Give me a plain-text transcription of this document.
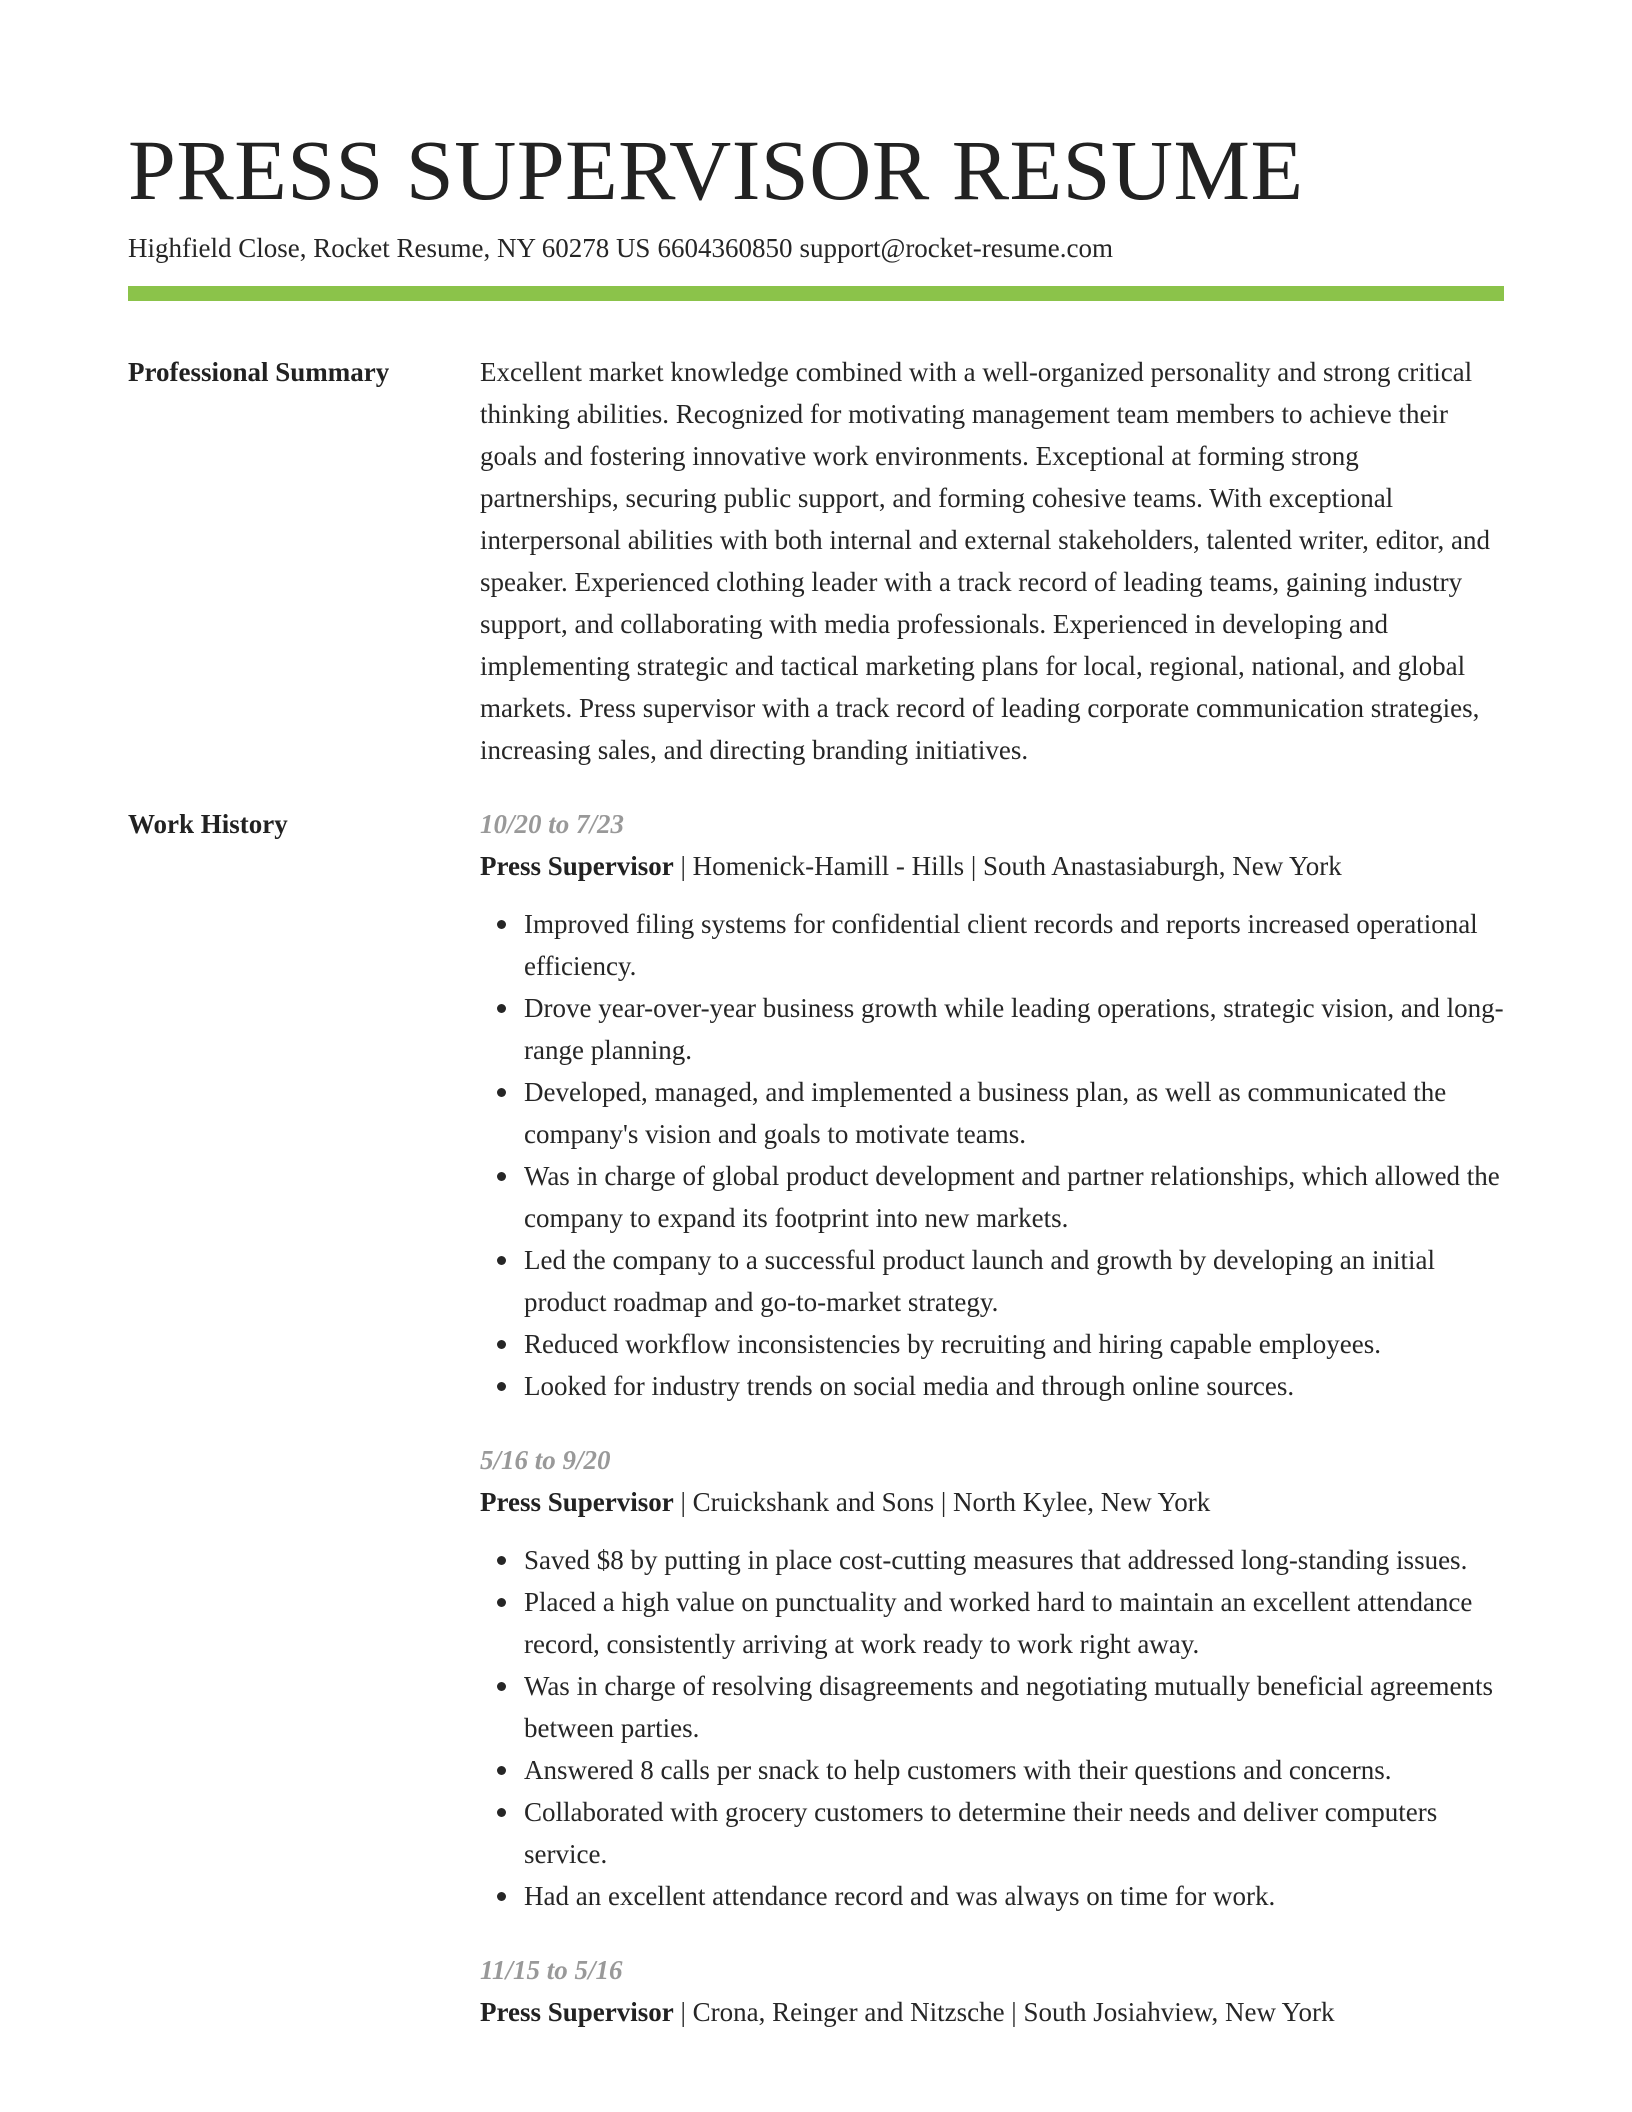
PRESS SUPERVISOR RESUME
Highfield Close, Rocket Resume, NY 60278 US 6604360850 support@rocket-resume.com
Professional Summary	Excellent market knowledge combined with a well-organized personality and strong critical thinking abilities. Recognized for motivating management team members to achieve their goals and fostering innovative work environments. Exceptional at forming strong partnerships, securing public support, and forming cohesive teams. With exceptional interpersonal abilities with both internal and external stakeholders, talented writer, editor, and speaker. Experienced clothing leader with a track record of leading teams, gaining industry support, and collaborating with media professionals. Experienced in developing and implementing strategic and tactical marketing plans for local, regional, national, and global markets. Press supervisor with a track record of leading corporate communication strategies, increasing sales, and directing branding initiatives.

Work History	10/20 to 7/23
Press Supervisor | Homenick-Hamill - Hills | South Anastasiaburgh, New York
Improved filing systems for confidential client records and reports increased operational efficiency.
Drove year-over-year business growth while leading operations, strategic vision, and long-range planning.
Developed, managed, and implemented a business plan, as well as communicated the company's vision and goals to motivate teams.
Was in charge of global product development and partner relationships, which allowed the company to expand its footprint into new markets.
Led the company to a successful product launch and growth by developing an initial product roadmap and go-to-market strategy.
Reduced workflow inconsistencies by recruiting and hiring capable employees.
Looked for industry trends on social media and through online sources.
5/16 to 9/20
Press Supervisor | Cruickshank and Sons | North Kylee, New York
Saved $8 by putting in place cost-cutting measures that addressed long-standing issues.
Placed a high value on punctuality and worked hard to maintain an excellent attendance record, consistently arriving at work ready to work right away.
Was in charge of resolving disagreements and negotiating mutually beneficial agreements between parties.
Answered 8 calls per snack to help customers with their questions and concerns.
Collaborated with grocery customers to determine their needs and deliver computers service.
Had an excellent attendance record and was always on time for work.
11/15 to 5/16
Press Supervisor | Crona, Reinger and Nitzsche | South Josiahview, New York
